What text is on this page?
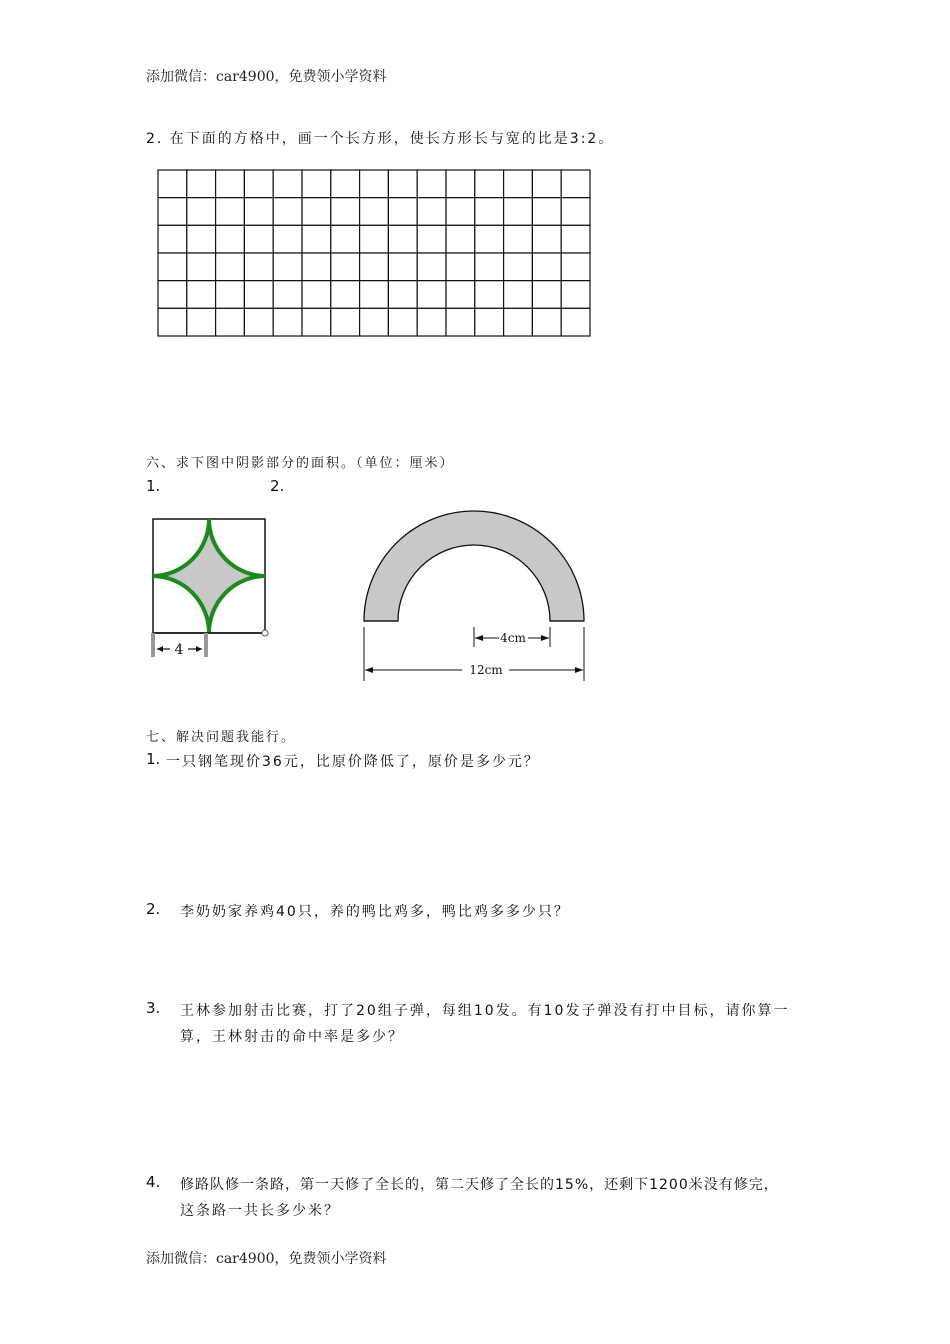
添加微信：car4900，免费领小学资料
2. 在下面的方格中，画一个长方形，使长方形长与宽的比是3:2。
六、求下图中阴影部分的面积。（单位：厘米）
1.	2.
4
4cm
12cm
七、解决问题我能行。
1. 一只钢笔现价36元，比原价降低了，原价是多少元？
2. 李奶奶家养鸡40只，养的鸭比鸡多，鸭比鸡多多少只？
3. 王林参加射击比赛，打了20组子弹，每组10发。有10发子弹没有打中目标，请你算一
算，王林射击的命中率是多少？
4. 修路队修一条路，第一天修了全长的，第二天修了全长的15%，还剩下1200米没有修完，
这条路一共长多少米？
添加微信：car4900，免费领小学资料
